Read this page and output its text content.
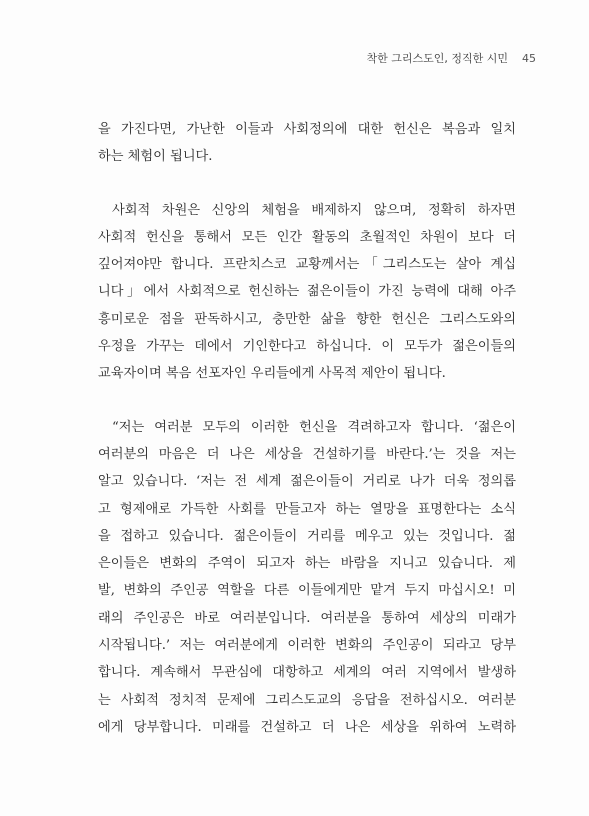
착한 그리스도인, 정직한 시민 45

을 가진다면, 가난한 이들과 사회정의에 대한 헌신은 복음과 일치
하는 체험이 됩니다.

사회적 차원은 신앙의 체험을 배제하지 않으며, 정확히 하자면
사회적 헌신을 통해서 모든 인간 활동의 초월적인 차원이 보다 더
깊어져야만 합니다. 프란치스코 교황께서는「그리스도는 살아 계십
니다」에서 사회적으로 헌신하는 젊은이들이 가진 능력에 대해 아주
흥미로운 점을 판독하시고, 충만한 삶을 향한 헌신은 그리스도와의
우정을 가꾸는 데에서 기인한다고 하십니다. 이 모두가 젊은이들의
교육자이며 복음 선포자인 우리들에게 사목적 제안이 됩니다.

“저는 여러분 모두의 이러한 헌신을 격려하고자 합니다. ‘젊은이
여러분의 마음은 더 나은 세상을 건설하기를 바란다.’는 것을 저는
알고 있습니다. ‘저는 전 세계 젊은이들이 거리로 나가 더욱 정의롭
고 형제애로 가득한 사회를 만들고자 하는 열망을 표명한다는 소식
을 접하고 있습니다. 젊은이들이 거리를 메우고 있는 것입니다. 젊
은이들은 변화의 주역이 되고자 하는 바람을 지니고 있습니다. 제
발, 변화의 주인공 역할을 다른 이들에게만 맡겨 두지 마십시오! 미
래의 주인공은 바로 여러분입니다. 여러분을 통하여 세상의 미래가
시작됩니다.’ 저는 여러분에게 이러한 변화의 주인공이 되라고 당부
합니다. 계속해서 무관심에 대항하고 세계의 여러 지역에서 발생하
는 사회적 정치적 문제에 그리스도교의 응답을 전하십시오. 여러분
에게 당부합니다. 미래를 건설하고 더 나은 세상을 위하여 노력하
